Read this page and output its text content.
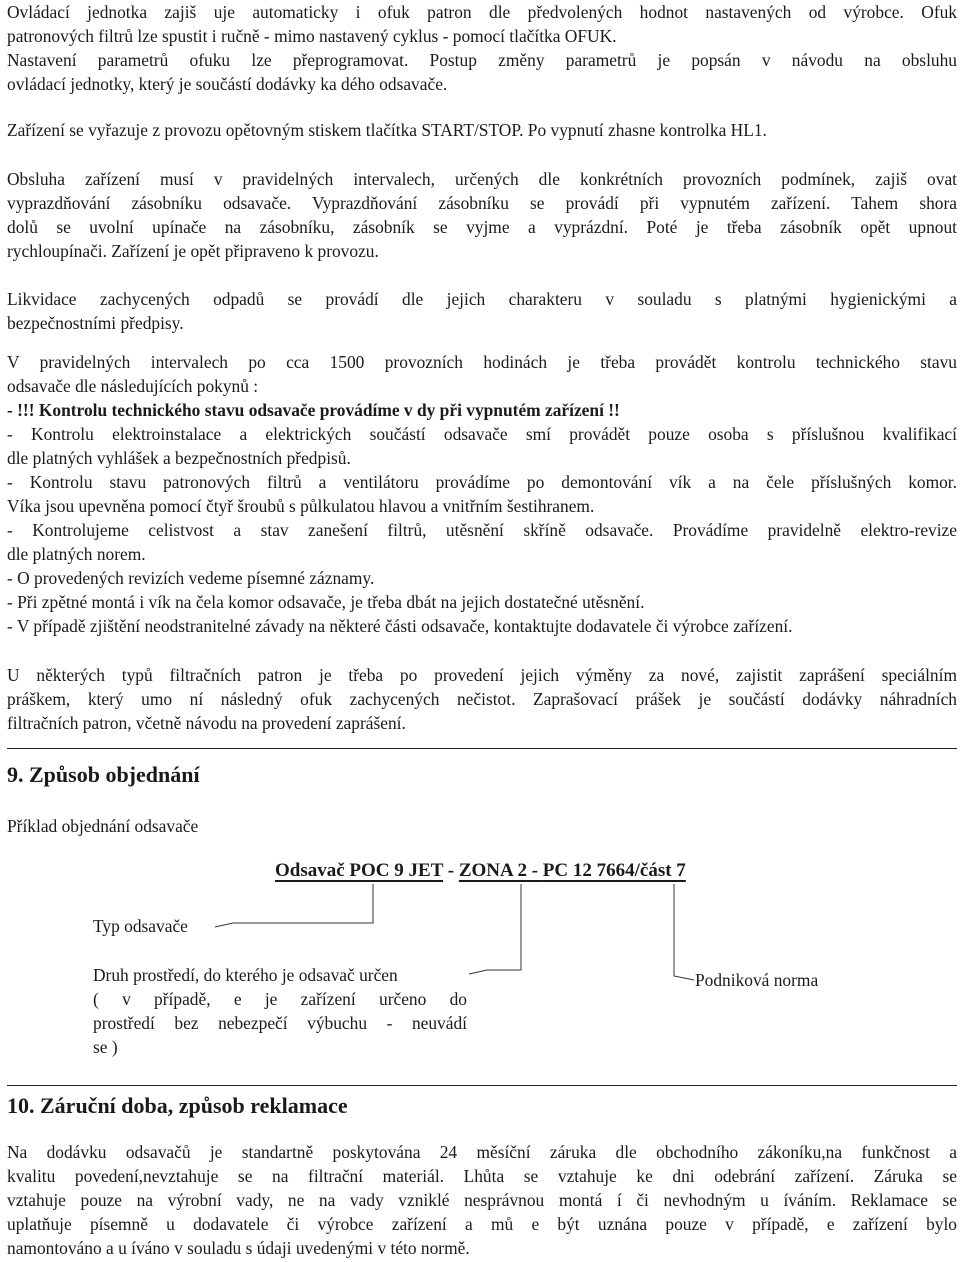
Ovládací jednotka zajiš uje automaticky i ofuk patron dle předvolených hodnot nastavených od výrobce. Ofuk
patronových filtrů lze spustit i ručně - mimo nastavený cyklus - pomocí tlačítka OFUK.
Nastavení parametrů ofuku lze přeprogramovat. Postup změny parametrů je popsán v návodu na obsluhu
ovládací jednotky, který je součástí dodávky ka dého odsavače.
Zařízení se vyřazuje z provozu opětovným stiskem tlačítka START/STOP. Po vypnutí zhasne kontrolka HL1.
Obsluha zařízení musí v pravidelných intervalech, určených dle konkrétních provozních podmínek, zajiš ovat
vyprazdňování zásobníku odsavače. Vyprazdňování zásobníku se provádí při vypnutém zařízení. Tahem shora
dolů se uvolní upínače na zásobníku, zásobník se vyjme a vyprázdní. Poté je třeba zásobník opět upnout
rychloupínači. Zařízení je opět připraveno k provozu.
Likvidace zachycených odpadů se provádí dle jejich charakteru v souladu s platnými hygienickými a
bezpečnostními předpisy.
V pravidelných intervalech po cca 1500 provozních hodinách je třeba provádět kontrolu technického stavu
odsavače dle následujících pokynů :
- !!! Kontrolu technického stavu odsavače provádíme v dy při vypnutém zařízení !!
- Kontrolu elektroinstalace a elektrických součástí odsavače smí provádět pouze osoba s příslušnou kvalifikací
dle platných vyhlášek a bezpečnostních předpisů.
- Kontrolu stavu patronových filtrů a ventilátoru provádíme po demontování vík a na čele příslušných komor.
Víka jsou upevněna pomocí čtyř šroubů s půlkulatou hlavou a vnitřním šestihranem.
- Kontrolujeme celistvost a stav zanešení filtrů, utěsnění skříně odsavače. Provádíme pravidelně elektro-revize
dle platných norem.
- O provedených revizích vedeme písemné záznamy.
- Při zpětné montá i vík na čela komor odsavače, je třeba dbát na jejich dostatečné utěsnění.
- V případě zjištění neodstranitelné závady na některé části odsavače, kontaktujte dodavatele či výrobce zařízení.
U některých typů filtračních patron je třeba po provedení jejich výměny za nové, zajistit zaprášení speciálním
práškem, který umo ní následný ofuk zachycených nečistot. Zaprašovací prášek je součástí dodávky náhradních
filtračních patron, včetně návodu na provedení zaprášení.
9. Způsob objednání
Příklad objednání odsavače
Odsavač POC 9 JET - ZONA 2 - PC 12 7664/část 7
Typ odsavače
Druh prostředí, do kterého je odsavač určen
( v případě, e je zařízení určeno do
prostředí bez nebezpečí výbuchu - neuvádí
se )
Podniková norma
10. Záruční doba, způsob reklamace
Na dodávku odsavačů je standartně poskytována 24 měsíční záruka dle obchodního zákoníku,na funkčnost a
kvalitu povedení,nevztahuje se na filtrační materiál. Lhůta se vztahuje ke dni odebrání zařízení. Záruka se
vztahuje pouze na výrobní vady, ne na vady vzniklé nesprávnou montá í či nevhodným u íváním. Reklamace se
uplatňuje písemně u dodavatele či výrobce zařízení a mů e být uznána pouze v případě, e zařízení bylo
namontováno a u íváno v souladu s údaji uvedenými v této normě.
